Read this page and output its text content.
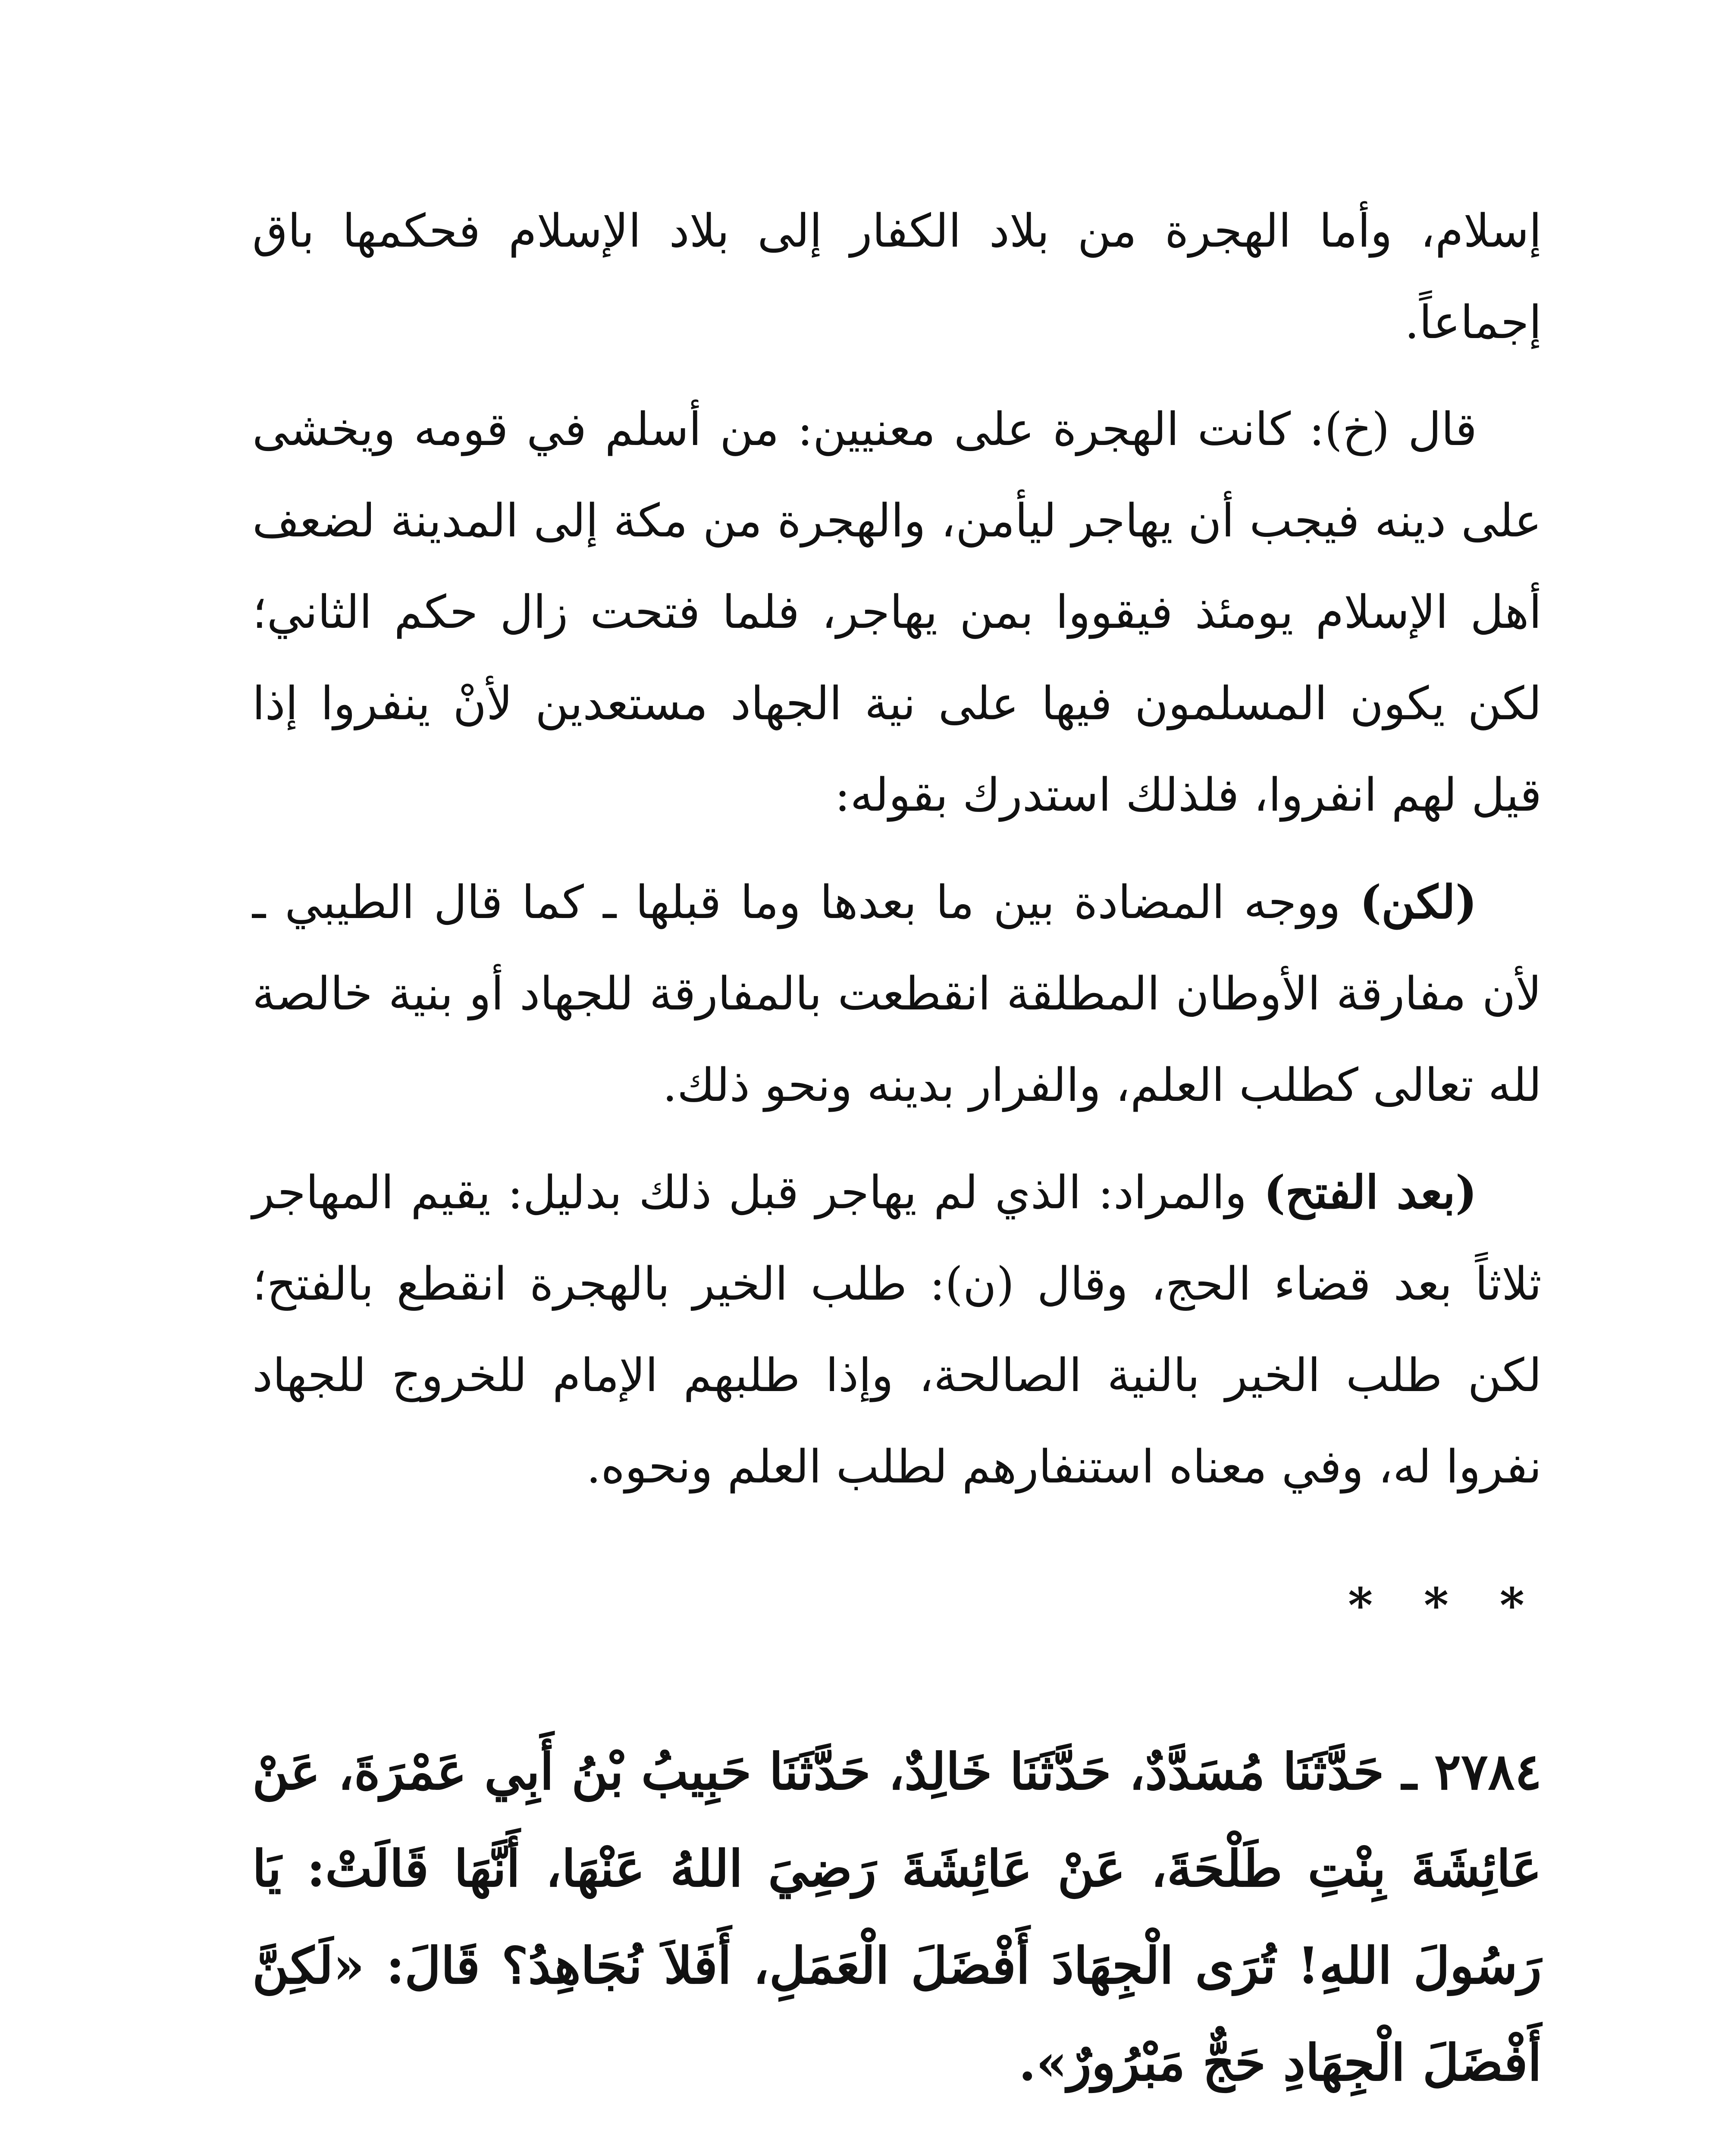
إسلام، وأما الهجرة من بلاد الكفار إلى بلاد الإسلام فحكمها باق إجماعاً.

قال (خ): كانت الهجرة على معنيين: من أسلم في قومه ويخشى على دينه فيجب أن يهاجر ليأمن، والهجرة من مكة إلى المدينة لضعف أهل الإسلام يومئذ فيقووا بمن يهاجر، فلما فتحت زال حكم الثاني؛ لكن يكون المسلمون فيها على نية الجهاد مستعدين لأنْ ينفروا إذا قيل لهم انفروا، فلذلك استدرك بقوله:

(لكن) ووجه المضادة بين ما بعدها وما قبلها ـ كما قال الطيبي ـ لأن مفارقة الأوطان المطلقة انقطعت بالمفارقة للجهاد أو بنية خالصة لله تعالى كطلب العلم، والفرار بدينه ونحو ذلك.

(بعد الفتح) والمراد: الذي لم يهاجر قبل ذلك بدليل: يقيم المهاجر ثلاثاً بعد قضاء الحج، وقال (ن): طلب الخير بالهجرة انقطع بالفتح؛ لكن طلب الخير بالنية الصالحة، وإذا طلبهم الإمام للخروج للجهاد نفروا له، وفي معناه استنفارهم لطلب العلم ونحوه.

* * *

٢٧٨٤ ـ حَدَّثَنَا مُسَدَّدٌ، حَدَّثَنَا خَالِدٌ، حَدَّثَنَا حَبِيبُ بْنُ أَبِي عَمْرَةَ، عَنْ عَائِشَةَ بِنْتِ طَلْحَةَ، عَنْ عَائِشَةَ رَضِيَ اللهُ عَنْهَا، أَنَّهَا قَالَتْ: يَا رَسُولَ اللهِ! تُرَى الْجِهَادَ أَفْضَلَ الْعَمَلِ، أَفَلاَ نُجَاهِدُ؟ قَالَ: «لَكِنَّ أَفْضَلَ الْجِهَادِ حَجٌّ مَبْرُورٌ».
